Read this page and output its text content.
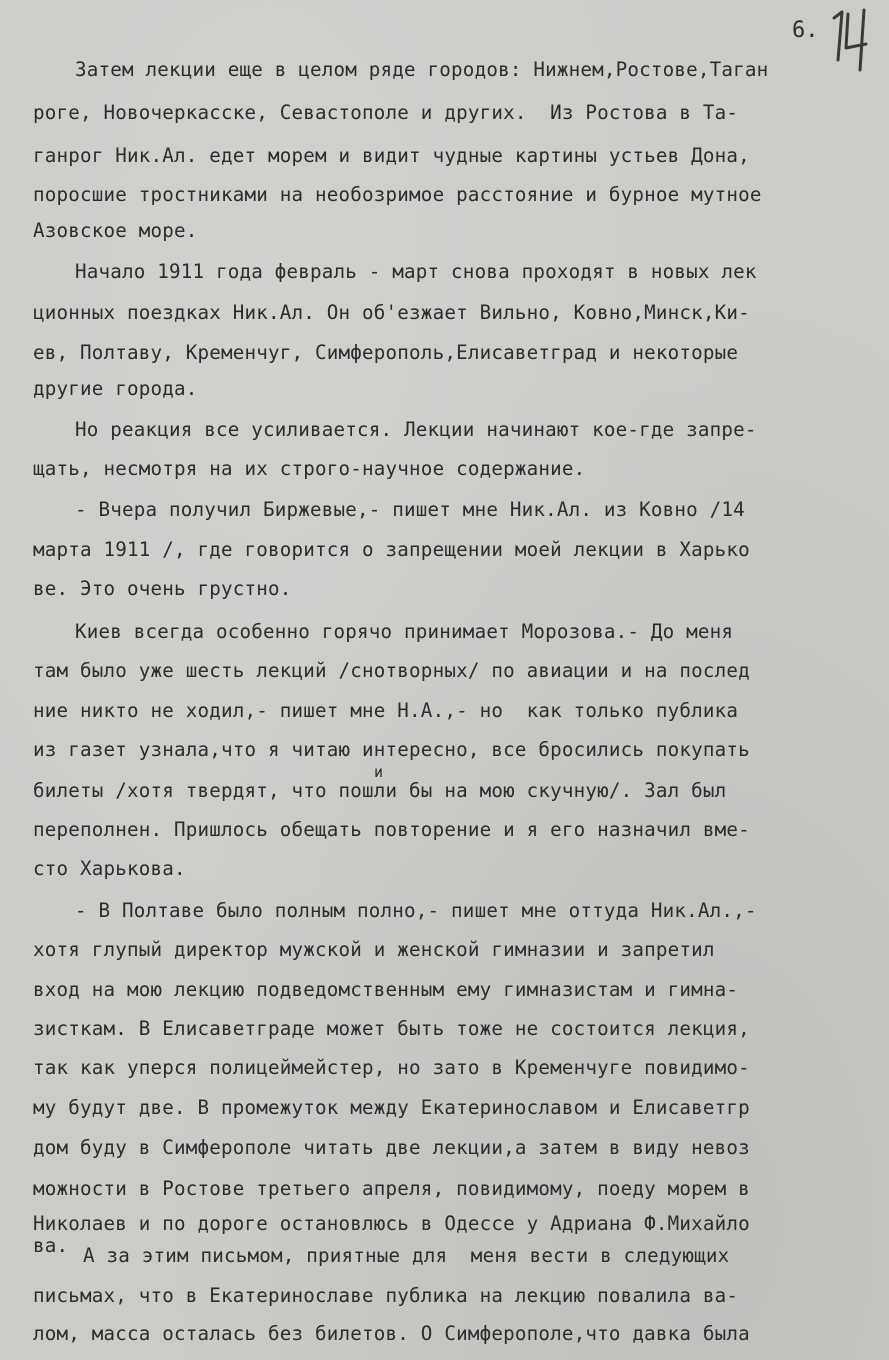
6.
Затем лекции еще в целом ряде городов: Нижнем,Ростове,Таган
роге, Новочеркасске, Севастополе и других.  Из Ростова в Та-
ганрог Ник.Ал. едет морем и видит чудные картины устьев Дона,
поросшие тростниками на необозримое расстояние и бурное мутное
Азовское море.
Начало 1911 года февраль - март снова проходят в новых лек
ционных поездках Ник.Ал. Он об'езжает Вильно, Ковно,Минск,Ки-
ев, Полтаву, Кременчуг, Симферополь,Елисаветград и некоторые
другие города.
Но реакция все усиливается. Лекции начинают кое-где запре-
щать, несмотря на их строго-научное содержание.
- Вчера получил Биржевые,- пишет мне Ник.Ал. из Ковно /14
марта 1911 /, где говорится о запрещении моей лекции в Харько
ве. Это очень грустно.
Киев всегда особенно горячо принимает Морозова.- До меня
там было уже шесть лекций /снотворных/ по авиации и на послед
ние никто не ходил,- пишет мне Н.А.,- но  как только публика
из газет узнала,что я читаю интересно, все бросились покупать
и
билеты /хотя твердят, что пошли бы на мою скучную/. Зал был
переполнен. Пришлось обещать повторение и я его назначил вме-
сто Харькова.
- В Полтаве было полным полно,- пишет мне оттуда Ник.Ал.,-
хотя глупый директор мужской и женской гимназии и запретил
вход на мою лекцию подведомственным ему гимназистам и гимна-
зисткам. В Елисаветграде может быть тоже не состоится лекция,
так как уперся полицеймейстер, но зато в Кременчуге повидимо-
му будут две. В промежуток между Екатеринославом и Елисаветгр
дом буду в Симферополе читать две лекции,а затем в виду невоз
можности в Ростове третьего апреля, повидимому, поеду морем в
Николаев и по дороге остановлюсь в Одессе у Адриана Ф.Михайло
ва. А за этим письмом, приятные для  меня вести в следующих
письмах, что в Екатеринославе публика на лекцию повалила ва-
лом, масса осталась без билетов. О Симферополе,что давка была
